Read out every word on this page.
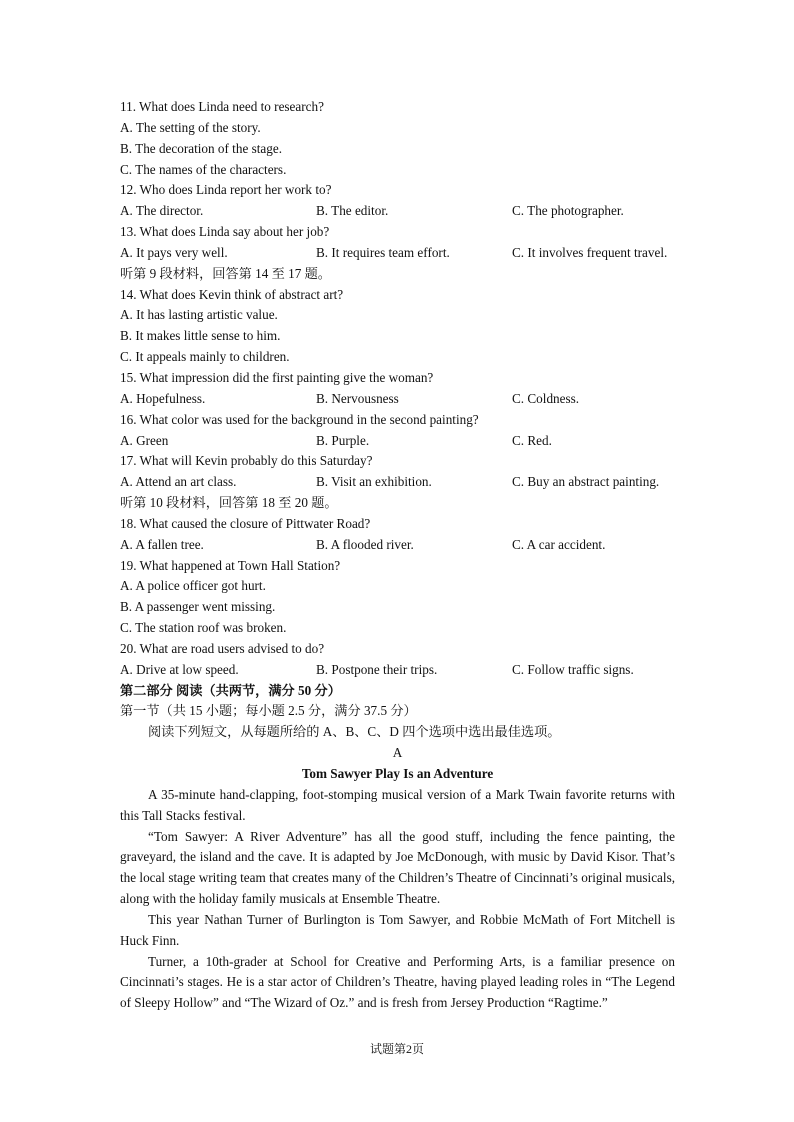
11. What does Linda need to research?
A. The setting of the story.
B. The decoration of the stage.
C. The names of the characters.
12. Who does Linda report her work to?
A. The director.	B. The editor.	C. The photographer.
13. What does Linda say about her job?
A. It pays very well.	B. It requires team effort.	C. It involves frequent travel.
听第 9 段材料，回答第 14 至 17 题。
14. What does Kevin think of abstract art?
A. It has lasting artistic value.
B. It makes little sense to him.
C. It appeals mainly to children.
15. What impression did the first painting give the woman?
A. Hopefulness.	B. Nervousness	C. Coldness.
16. What color was used for the background in the second painting?
A. Green	B. Purple.	C. Red.
17. What will Kevin probably do this Saturday?
A. Attend an art class.	B. Visit an exhibition.	C. Buy an abstract painting.
听第 10 段材料，回答第 18 至 20 题。
18. What caused the closure of Pittwater Road?
A. A fallen tree.	B. A flooded river.	C. A car accident.
19. What happened at Town Hall Station?
A. A police officer got hurt.
B. A passenger went missing.
C. The station roof was broken.
20. What are road users advised to do?
A. Drive at low speed.	B. Postpone their trips.	C. Follow traffic signs.
第二部分 阅读（共两节，满分 50 分）
第一节（共 15 小题；每小题 2.5 分，满分 37.5 分）
阅读下列短文，从每题所给的 A、B、C、D 四个选项中选出最佳选项。
A
Tom Sawyer Play Is an Adventure
A 35-minute hand-clapping, foot-stomping musical version of a Mark Twain favorite returns with this Tall Stacks festival.
“Tom Sawyer: A River Adventure” has all the good stuff, including the fence painting, the graveyard, the island and the cave. It is adapted by Joe McDonough, with music by David Kisor. That’s the local stage writing team that creates many of the Children’s Theatre of Cincinnati’s original musicals, along with the holiday family musicals at Ensemble Theatre.
This year Nathan Turner of Burlington is Tom Sawyer, and Robbie McMath of Fort Mitchell is Huck Finn.
Turner, a 10th-grader at School for Creative and Performing Arts, is a familiar presence on Cincinnati’s stages. He is a star actor of Children’s Theatre, having played leading roles in “The Legend of Sleepy Hollow” and “The Wizard of Oz.” and is fresh from Jersey Production “Ragtime.”
试题第2页
